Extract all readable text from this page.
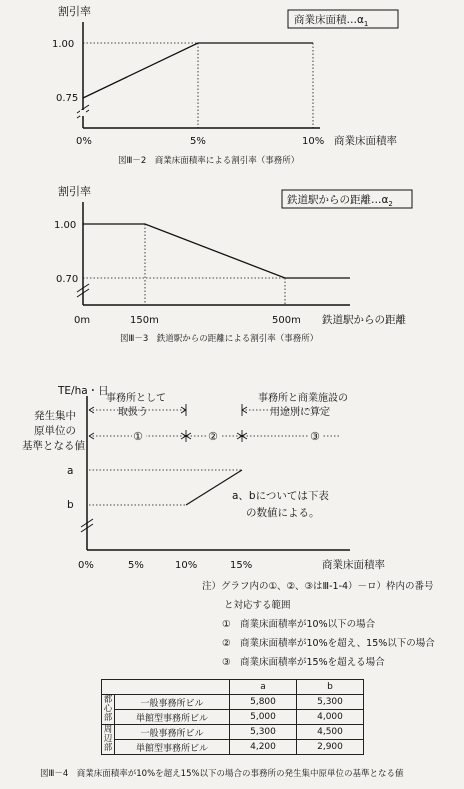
割引率
商業床面積$\dots\alpha_1$
1.00
0.75
0%	5%	10% 商業床面積率
図Ⅲ－2　商業床面積率による割引率（事務所）
割引率
鉄道駅からの距離$\dots\alpha_2$
1.00
0.70
0m	150m	500m 鉄道駅からの距離
図Ⅲ－3　鉄道駅からの距離による割引率（事務所）
TE/ha・日
発生集中
原単位の
基準となる値
事務所として
取扱う
事務所と商業施設の
用途別に算定
①	②	③
a
b
a、bについては下表
の数値による。
0%	5%	10%	15%	商業床面積率
注）グラフ内の①、②、③はⅢ-1-4）－ロ）枠内の番号
と対応する範囲
① 商業床面積率が10%以下の場合
② 商業床面積率が10%を超え、15%以下の場合
③ 商業床面積率が15%を超える場合
		a	b
都
心
部	一般事務所ビル	5,800	5,300
	単館型事務所ビル	5,000	4,000
周
辺
部	一般事務所ビル	5,300	4,500
	単館型事務所ビル	4,200	2,900
図Ⅲ－4　商業床面積率が10%を超え15%以下の場合の事務所の発生集中原単位の基準となる値
